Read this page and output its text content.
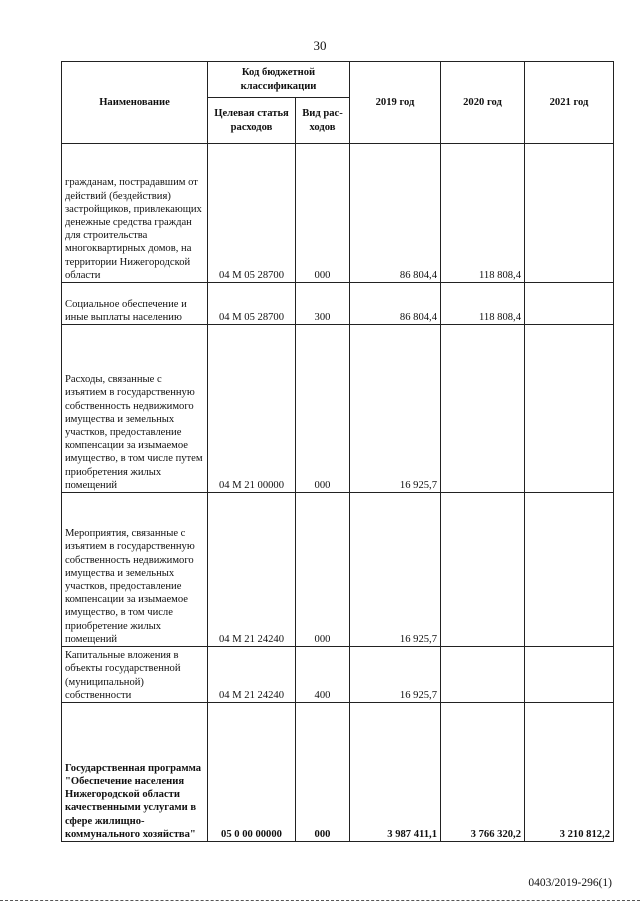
30
Наименование	Код бюджетной классификации		2019 год	2020 год	2021 год
	Целевая статья расходов	Вид рас-ходов			
гражданам, пострадавшим от действий (бездействия) застройщиков, привлекающих денежные средства граждан для строительства многоквартирных домов, на территории Нижегородской области	04 М 05 28700	000	86 804,4	118 808,4	
Социальное обеспечение и иные выплаты населению	04 М 05 28700	300	86 804,4	118 808,4	
Расходы, связанные с изъятием в государственную собственность недвижимого имущества и земельных участков, предоставление компенсации за изымаемое имущество, в том числе путем приобретения жилых помещений	04 М 21 00000	000	16 925,7		
Мероприятия, связанные с изъятием в государственную собственность недвижимого имущества и земельных участков, предоставление компенсации за изымаемое имущество, в том числе приобретение жилых помещений	04 М 21 24240	000	16 925,7		
Капитальные вложения в объекты государственной (муниципальной) собственности	04 М 21 24240	400	16 925,7		
Государственная программа "Обеспечение населения Нижегородской области качественными услугами в сфере жилищно-коммунального хозяйства"	05 0 00 00000	000	3 987 411,1	3 766 320,2	3 210 812,2
0403/2019-296(1)
